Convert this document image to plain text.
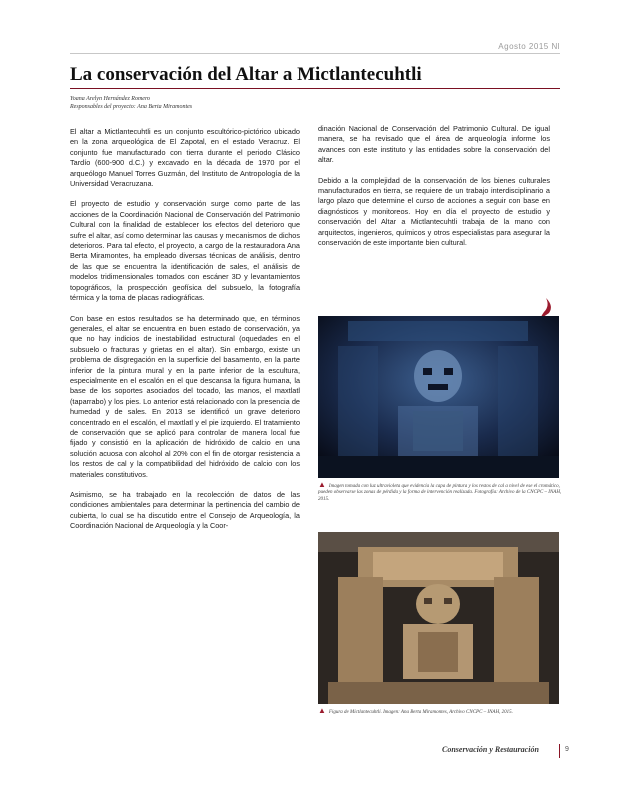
Agosto 2015 Nl
La conservación del Altar a Mictlantecuhtli
Yoana Arelyn Hernández Romero
Responsables del proyecto: Ana Berta Miramontes

El altar a Mictlantecuhtli es un conjunto escultórico-pictórico ubicado en la zona arqueológica de El Zapotal, en el estado Veracruz. El conjunto fue manufacturado con tierra durante el periodo Clásico Tardío (600-900 d.C.) y excavado en la década de 1970 por el arqueólogo Manuel Torres Guzmán, del Instituto de Antropología de la Universidad Veracruzana.

El proyecto de estudio y conservación surge como parte de las acciones de la Coordinación Nacional de Conservación del Patrimonio Cultural con la finalidad de establecer los efectos del deterioro que sufre el altar, así como determinar las causas y mecanismos de dichos deterioros. Para tal efecto, el proyecto, a cargo de la restauradora Ana Berta Miramontes, ha empleado diversas técnicas de análisis, dentro de las que se encuentra la identificación de sales, el análisis de modelos tridimensionales tomados con escáner 3D y levantamientos topográficos, la prospección geofísica del subsuelo, la fotografía térmica y la toma de placas radiográficas.

Con base en estos resultados se ha determinado que, en términos generales, el altar se encuentra en buen estado de conservación, ya que no hay indicios de inestabilidad estructural (oquedades en el subsuelo o fracturas y grietas en el altar). Sin embargo, existe un problema de disgregación en la superficie del basamento, en la parte inferior de la pintura mural y en la parte inferior de la escultura, especialmente en el escalón en el que descansa la figura humana, la base de los soportes asociados del tocado, las manos, el maxtlatl (taparrabo) y los pies. Lo anterior está relacionado con la presencia de humedad y de sales. En 2013 se identificó un grave deterioro concentrado en el escalón, el maxtlatl y el pie izquierdo. El tratamiento de conservación que se aplicó para controlar de manera local fue fijado y consistió en la aplicación de hidróxido de calcio en una solución acuosa con alcohol al 20% con el fin de otorgar resistencia a los restos de cal y la compatibilidad del hidróxido de calcio con los materiales constitutivos.

Asimismo, se ha trabajado en la recolección de datos de las condiciones ambientales para determinar la pertinencia del cambio de cubierta, lo cual se ha discutido entre el Consejo de Arqueología, la Coordinación Nacional de Arqueología y la Coor-

dinación Nacional de Conservación del Patrimonio Cultural. De igual manera, se ha revisado que el área de arqueología informe los avances con este instituto y las entidades sobre la conservación del altar.

Debido a la complejidad de la conservación de los bienes culturales manufacturados en tierra, se requiere de un trabajo interdisciplinario a largo plazo que determine el curso de acciones a seguir con base en diagnósticos y monitoreos. Hoy en día el proyecto de estudio y conservación del Altar a Mictlantecuhtli trabaja de la mano con arquitectos, ingenieros, químicos y otros especialistas para asegurar la conservación de este importante bien cultural.

▲ Imagen tomada con luz ultravioleta que evidencia la capa de pintura y los restos de cal a nivel de ese el cromático, pueden observarse las zonas de pérdida y la forma de intervención realizada. Fotografía: Archivo de la CNCPC – INAH, 2015.
▲ Figura de Mictlantecuhtli. Imagen: Ana Berta Miramontes, Archivo CNCPC – INAH, 2015.
Conservación y Restauración	9
